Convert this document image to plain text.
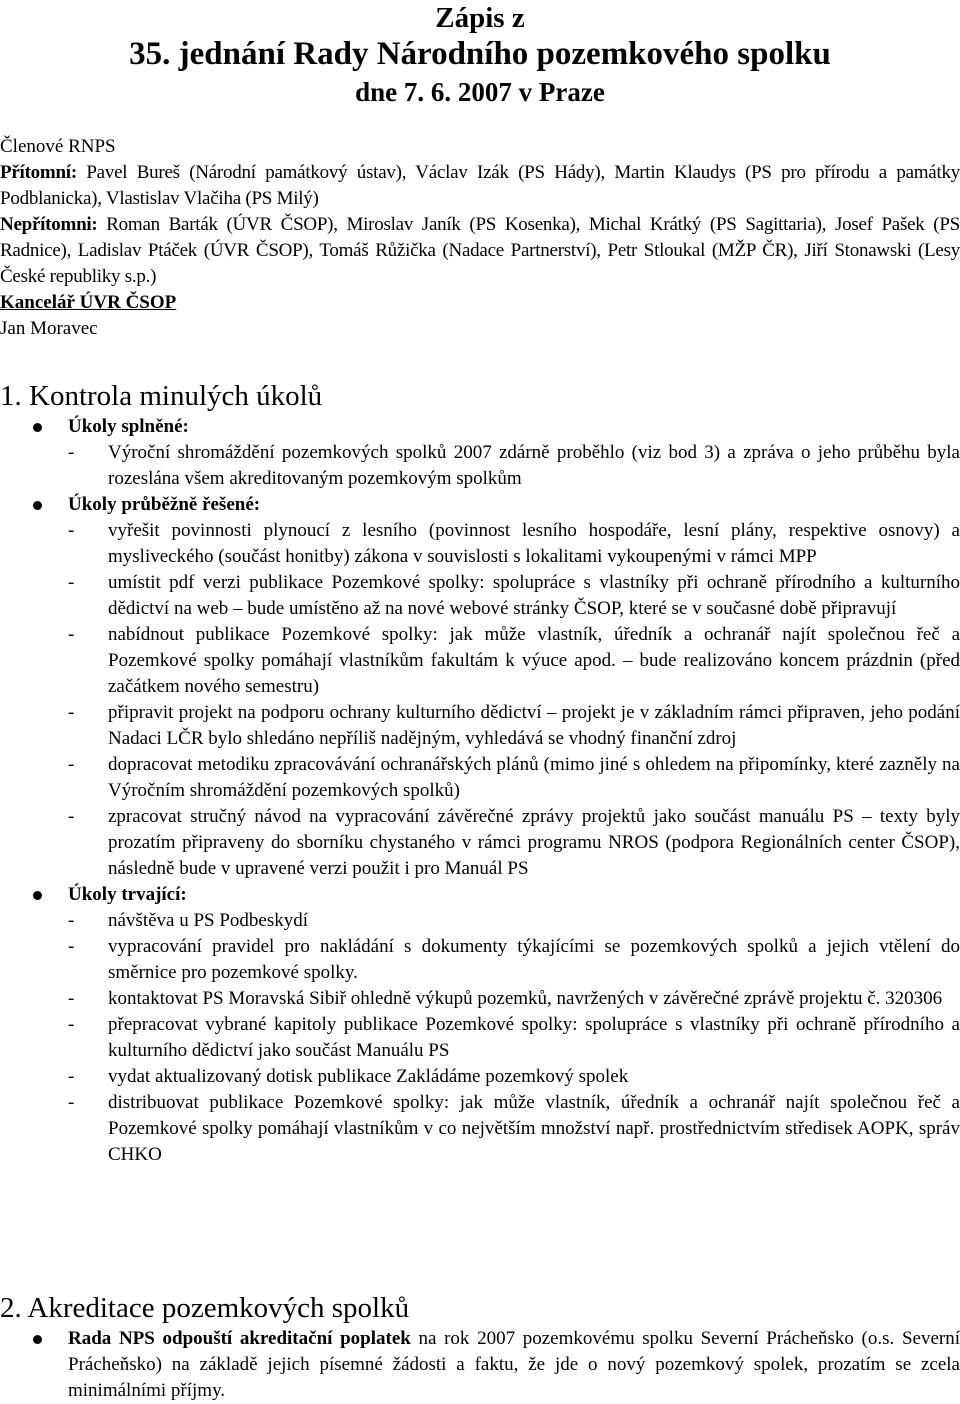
Zápis z
35. jednání Rady Národního pozemkového spolku
dne 7. 6. 2007 v Praze

Členové RNPS

Přítomní: Pavel Bureš (Národní památkový ústav), Václav Izák (PS Hády), Martin Klaudys (PS pro přírodu a památky Podblanicka), Vlastislav Vlačiha (PS Milý)

Nepřítomni: Roman Barták (ÚVR ČSOP), Miroslav Janík (PS Kosenka), Michal Krátký (PS Sagittaria), Josef Pašek (PS Radnice), Ladislav Ptáček (ÚVR ČSOP), Tomáš Růžička (Nadace Partnerství), Petr Stloukal (MŽP ČR), Jiří Stonawski (Lesy České republiky s.p.)

Kancelář ÚVR ČSOP

Jan Moravec

1. Kontrola minulých úkolů
Úkoly splněné:
- Výroční shromáždění pozemkových spolků 2007 zdárně proběhlo (viz bod 3) a zpráva o jeho průběhu byla rozeslána všem akreditovaným pozemkovým spolkům
Úkoly průběžně řešené:
- vyřešit povinnosti plynoucí z lesního (povinnost lesního hospodáře, lesní plány, respektive osnovy) a mysliveckého (součást honitby) zákona v souvislosti s lokalitami vykoupenými v rámci MPP
- umístit pdf verzi publikace Pozemkové spolky: spolupráce s vlastníky při ochraně přírodního a kulturního dědictví na web – bude umístěno až na nové webové stránky ČSOP, které se v současné době připravují
- nabídnout publikace Pozemkové spolky: jak může vlastník, úředník a ochranář najít společnou řeč a Pozemkové spolky pomáhají vlastníkům fakultám k výuce apod. – bude realizováno koncem prázdnin (před začátkem nového semestru)
- připravit projekt na podporu ochrany kulturního dědictví – projekt je v základním rámci připraven, jeho podání Nadaci LČR bylo shledáno nepříliš nadějným, vyhledává se vhodný finanční zdroj
- dopracovat metodiku zpracovávání ochranářských plánů (mimo jiné s ohledem na připomínky, které zazněly na Výročním shromáždění pozemkových spolků)
- zpracovat stručný návod na vypracování závěrečné zprávy projektů jako součást manuálu PS – texty byly prozatím připraveny do sborníku chystaného v rámci programu NROS (podpora Regionálních center ČSOP), následně bude v upravené verzi použit i pro Manuál PS
Úkoly trvající:
- návštěva u PS Podbeskydí
- vypracování pravidel pro nakládání s dokumenty týkajícími se pozemkových spolků a jejich vtělení do směrnice pro pozemkové spolky.
- kontaktovat PS Moravská Sibiř ohledně výkupů pozemků, navržených v závěrečné zprávě projektu č. 320306
- přepracovat vybrané kapitoly publikace Pozemkové spolky: spolupráce s vlastníky při ochraně přírodního a kulturního dědictví jako součást Manuálu PS
- vydat aktualizovaný dotisk publikace Zakládáme pozemkový spolek
- distribuovat publikace Pozemkové spolky: jak může vlastník, úředník a ochranář najít společnou řeč a Pozemkové spolky pomáhají vlastníkům v co největším množství např. prostřednictvím středisek AOPK, správ CHKO
2. Akreditace pozemkových spolků
Rada NPS odpouští akreditační poplatek na rok 2007 pozemkovému spolku Severní Prácheňsko (o.s. Severní Prácheňsko) na základě jejich písemné žádosti a faktu, že jde o nový pozemkový spolek, prozatím se zcela minimálními příjmy.
